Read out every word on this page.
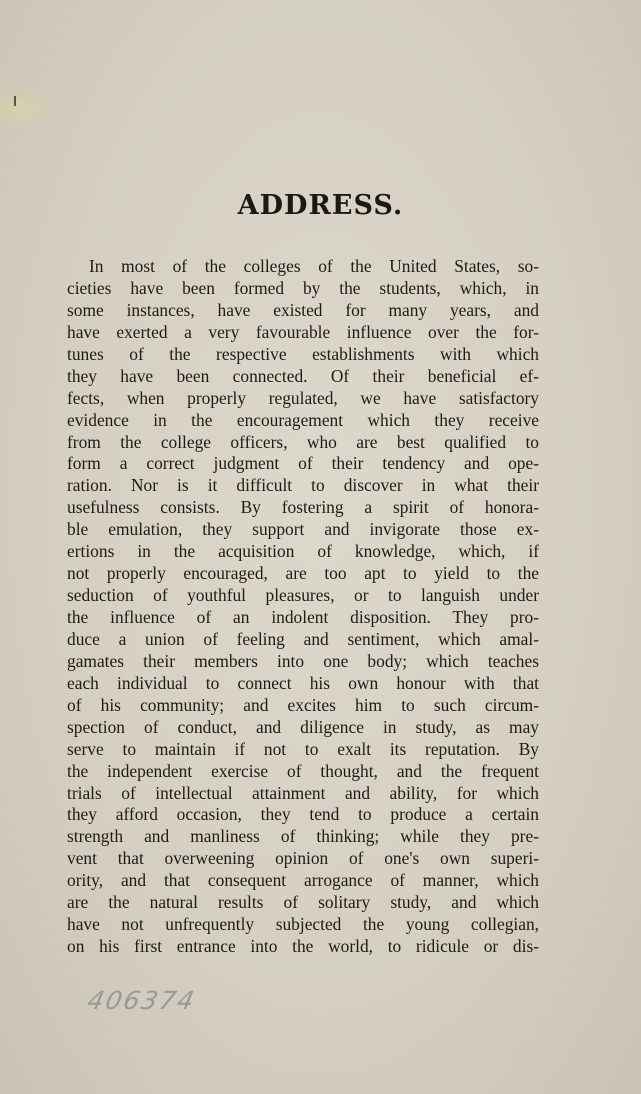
ADDRESS.
In most of the colleges of the United States, so-
cieties have been formed by the students, which, in
some instances, have existed for many years, and
have exerted a very favourable influence over the for-
tunes of the respective establishments with which
they have been connected. Of their beneficial ef-
fects, when properly regulated, we have satisfactory
evidence in the encouragement which they receive
from the college officers, who are best qualified to
form a correct judgment of their tendency and ope-
ration. Nor is it difficult to discover in what their
usefulness consists. By fostering a spirit of honora-
ble emulation, they support and invigorate those ex-
ertions in the acquisition of knowledge, which, if
not properly encouraged, are too apt to yield to the
seduction of youthful pleasures, or to languish under
the influence of an indolent disposition. They pro-
duce a union of feeling and sentiment, which amal-
gamates their members into one body; which teaches
each individual to connect his own honour with that
of his community; and excites him to such circum-
spection of conduct, and diligence in study, as may
serve to maintain if not to exalt its reputation. By
the independent exercise of thought, and the frequent
trials of intellectual attainment and ability, for which
they afford occasion, they tend to produce a certain
strength and manliness of thinking; while they pre-
vent that overweening opinion of one's own superi-
ority, and that consequent arrogance of manner, which
are the natural results of solitary study, and which
have not unfrequently subjected the young collegian,
on his first entrance into the world, to ridicule or dis-
406374
